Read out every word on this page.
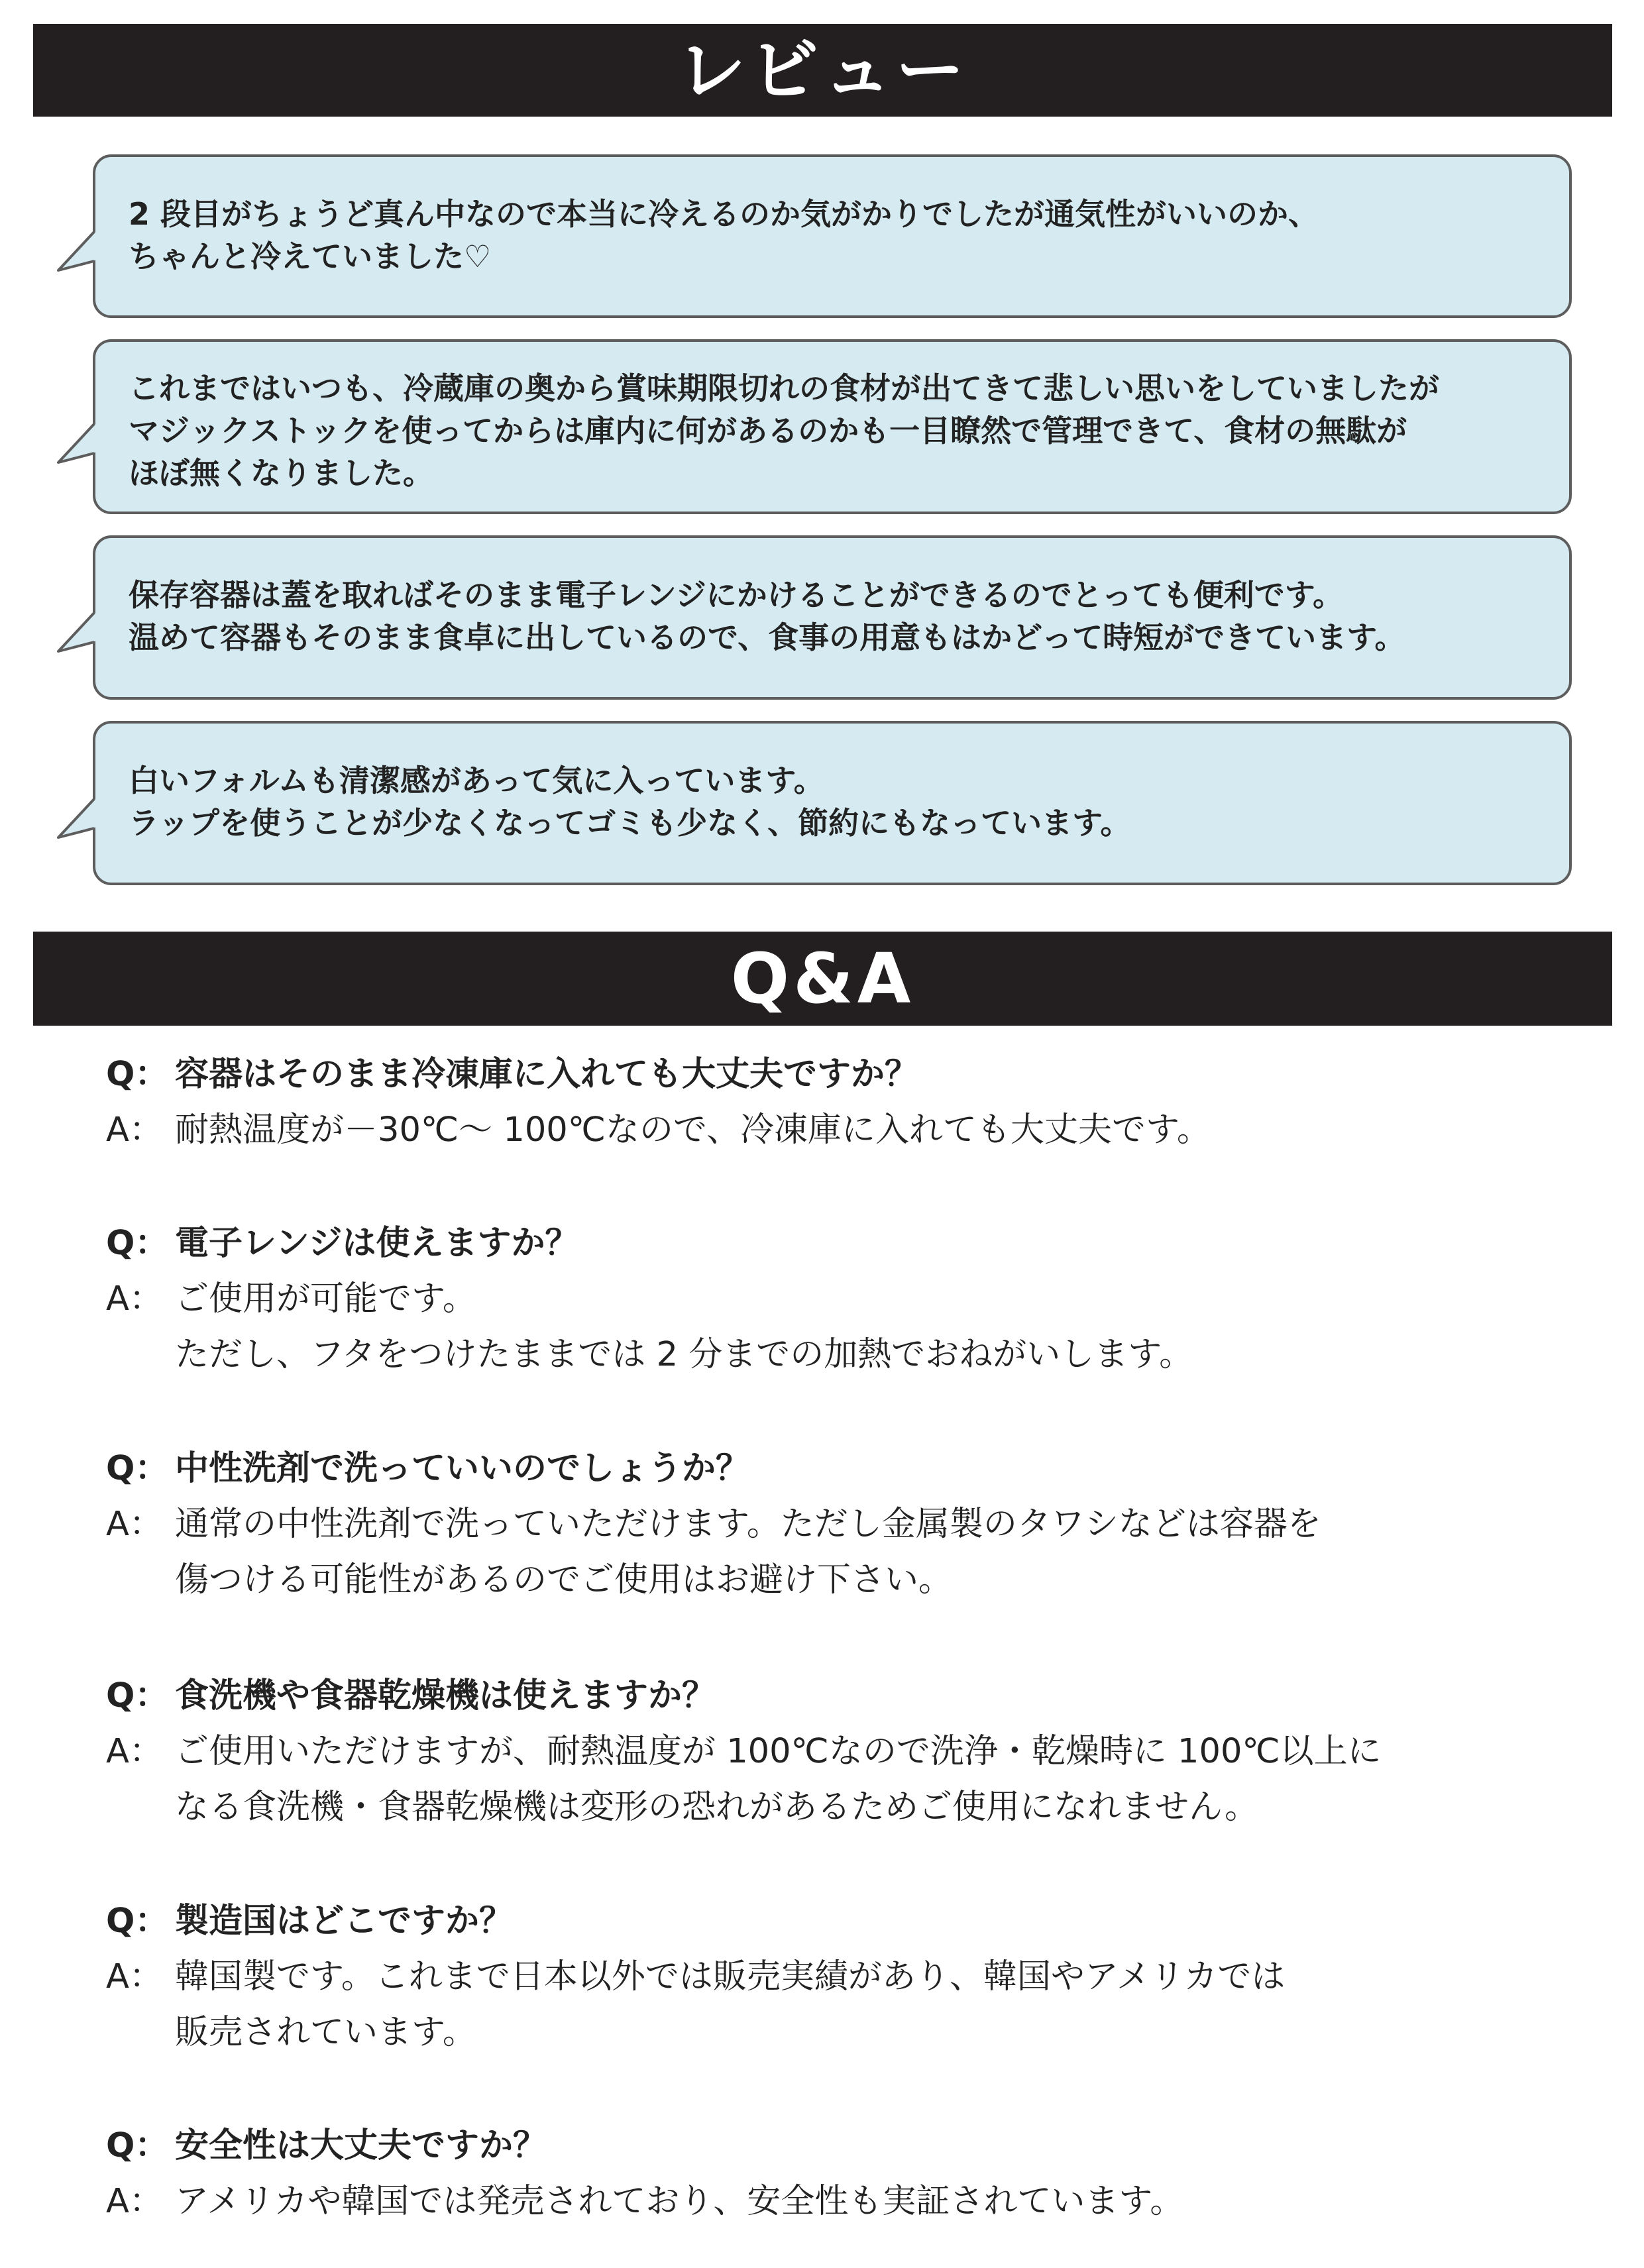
レビュー
2 段目がちょうど真ん中なので本当に冷えるのか気がかりでしたが通気性がいいのか、
ちゃんと冷えていました♡
これまではいつも、冷蔵庫の奥から賞味期限切れの食材が出てきて悲しい思いをしていましたが
マジックストックを使ってからは庫内に何があるのかも一目瞭然で管理できて、食材の無駄が
ほぼ無くなりました。
保存容器は蓋を取ればそのまま電子レンジにかけることができるのでとっても便利です。
温めて容器もそのまま食卓に出しているので、食事の用意もはかどって時短ができています。
白いフォルムも清潔感があって気に入っています。
ラップを使うことが少なくなってゴミも少なく、節約にもなっています。
Q&A
Q： 容器はそのまま冷凍庫に入れても大丈夫ですか？
A： 耐熱温度が－30℃～ 100℃なので、冷凍庫に入れても大丈夫です。
Q： 電子レンジは使えますか？
A： ご使用が可能です。
ただし、フタをつけたままでは 2 分までの加熱でおねがいします。
Q： 中性洗剤で洗っていいのでしょうか？
A： 通常の中性洗剤で洗っていただけます。ただし金属製のタワシなどは容器を
傷つける可能性があるのでご使用はお避け下さい。
Q： 食洗機や食器乾燥機は使えますか？
A： ご使用いただけますが、耐熱温度が 100℃なので洗浄・乾燥時に 100℃以上に
なる食洗機・食器乾燥機は変形の恐れがあるためご使用になれません。
Q： 製造国はどこですか？
A： 韓国製です。これまで日本以外では販売実績があり、韓国やアメリカでは
販売されています。
Q： 安全性は大丈夫ですか？
A： アメリカや韓国では発売されており、安全性も実証されています。
